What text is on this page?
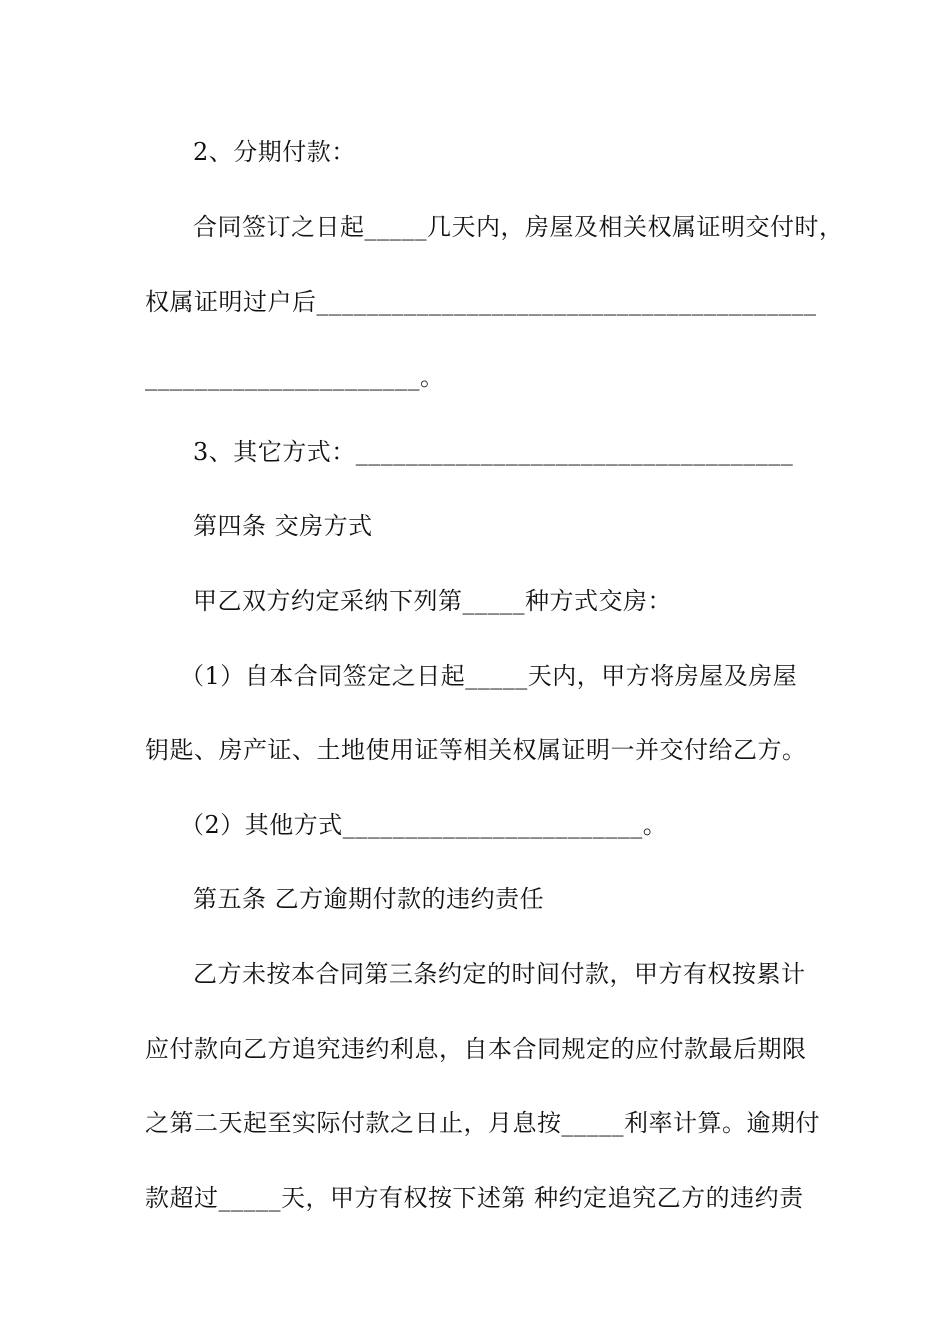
2、分期付款：
合同签订之日起_____几天内，房屋及相关权属证明交付时，
权属证明过户后________________________________________
______________________。
3、其它方式：___________________________________
第四条 交房方式
甲乙双方约定采纳下列第_____种方式交房：
（1）自本合同签定之日起_____天内，甲方将房屋及房屋
钥匙、房产证、土地使用证等相关权属证明一并交付给乙方。
（2）其他方式________________________。
第五条 乙方逾期付款的违约责任
乙方未按本合同第三条约定的时间付款，甲方有权按累计
应付款向乙方追究违约利息，自本合同规定的应付款最后期限
之第二天起至实际付款之日止，月息按_____利率计算。逾期付
款超过_____天，甲方有权按下述第 种约定追究乙方的违约责
